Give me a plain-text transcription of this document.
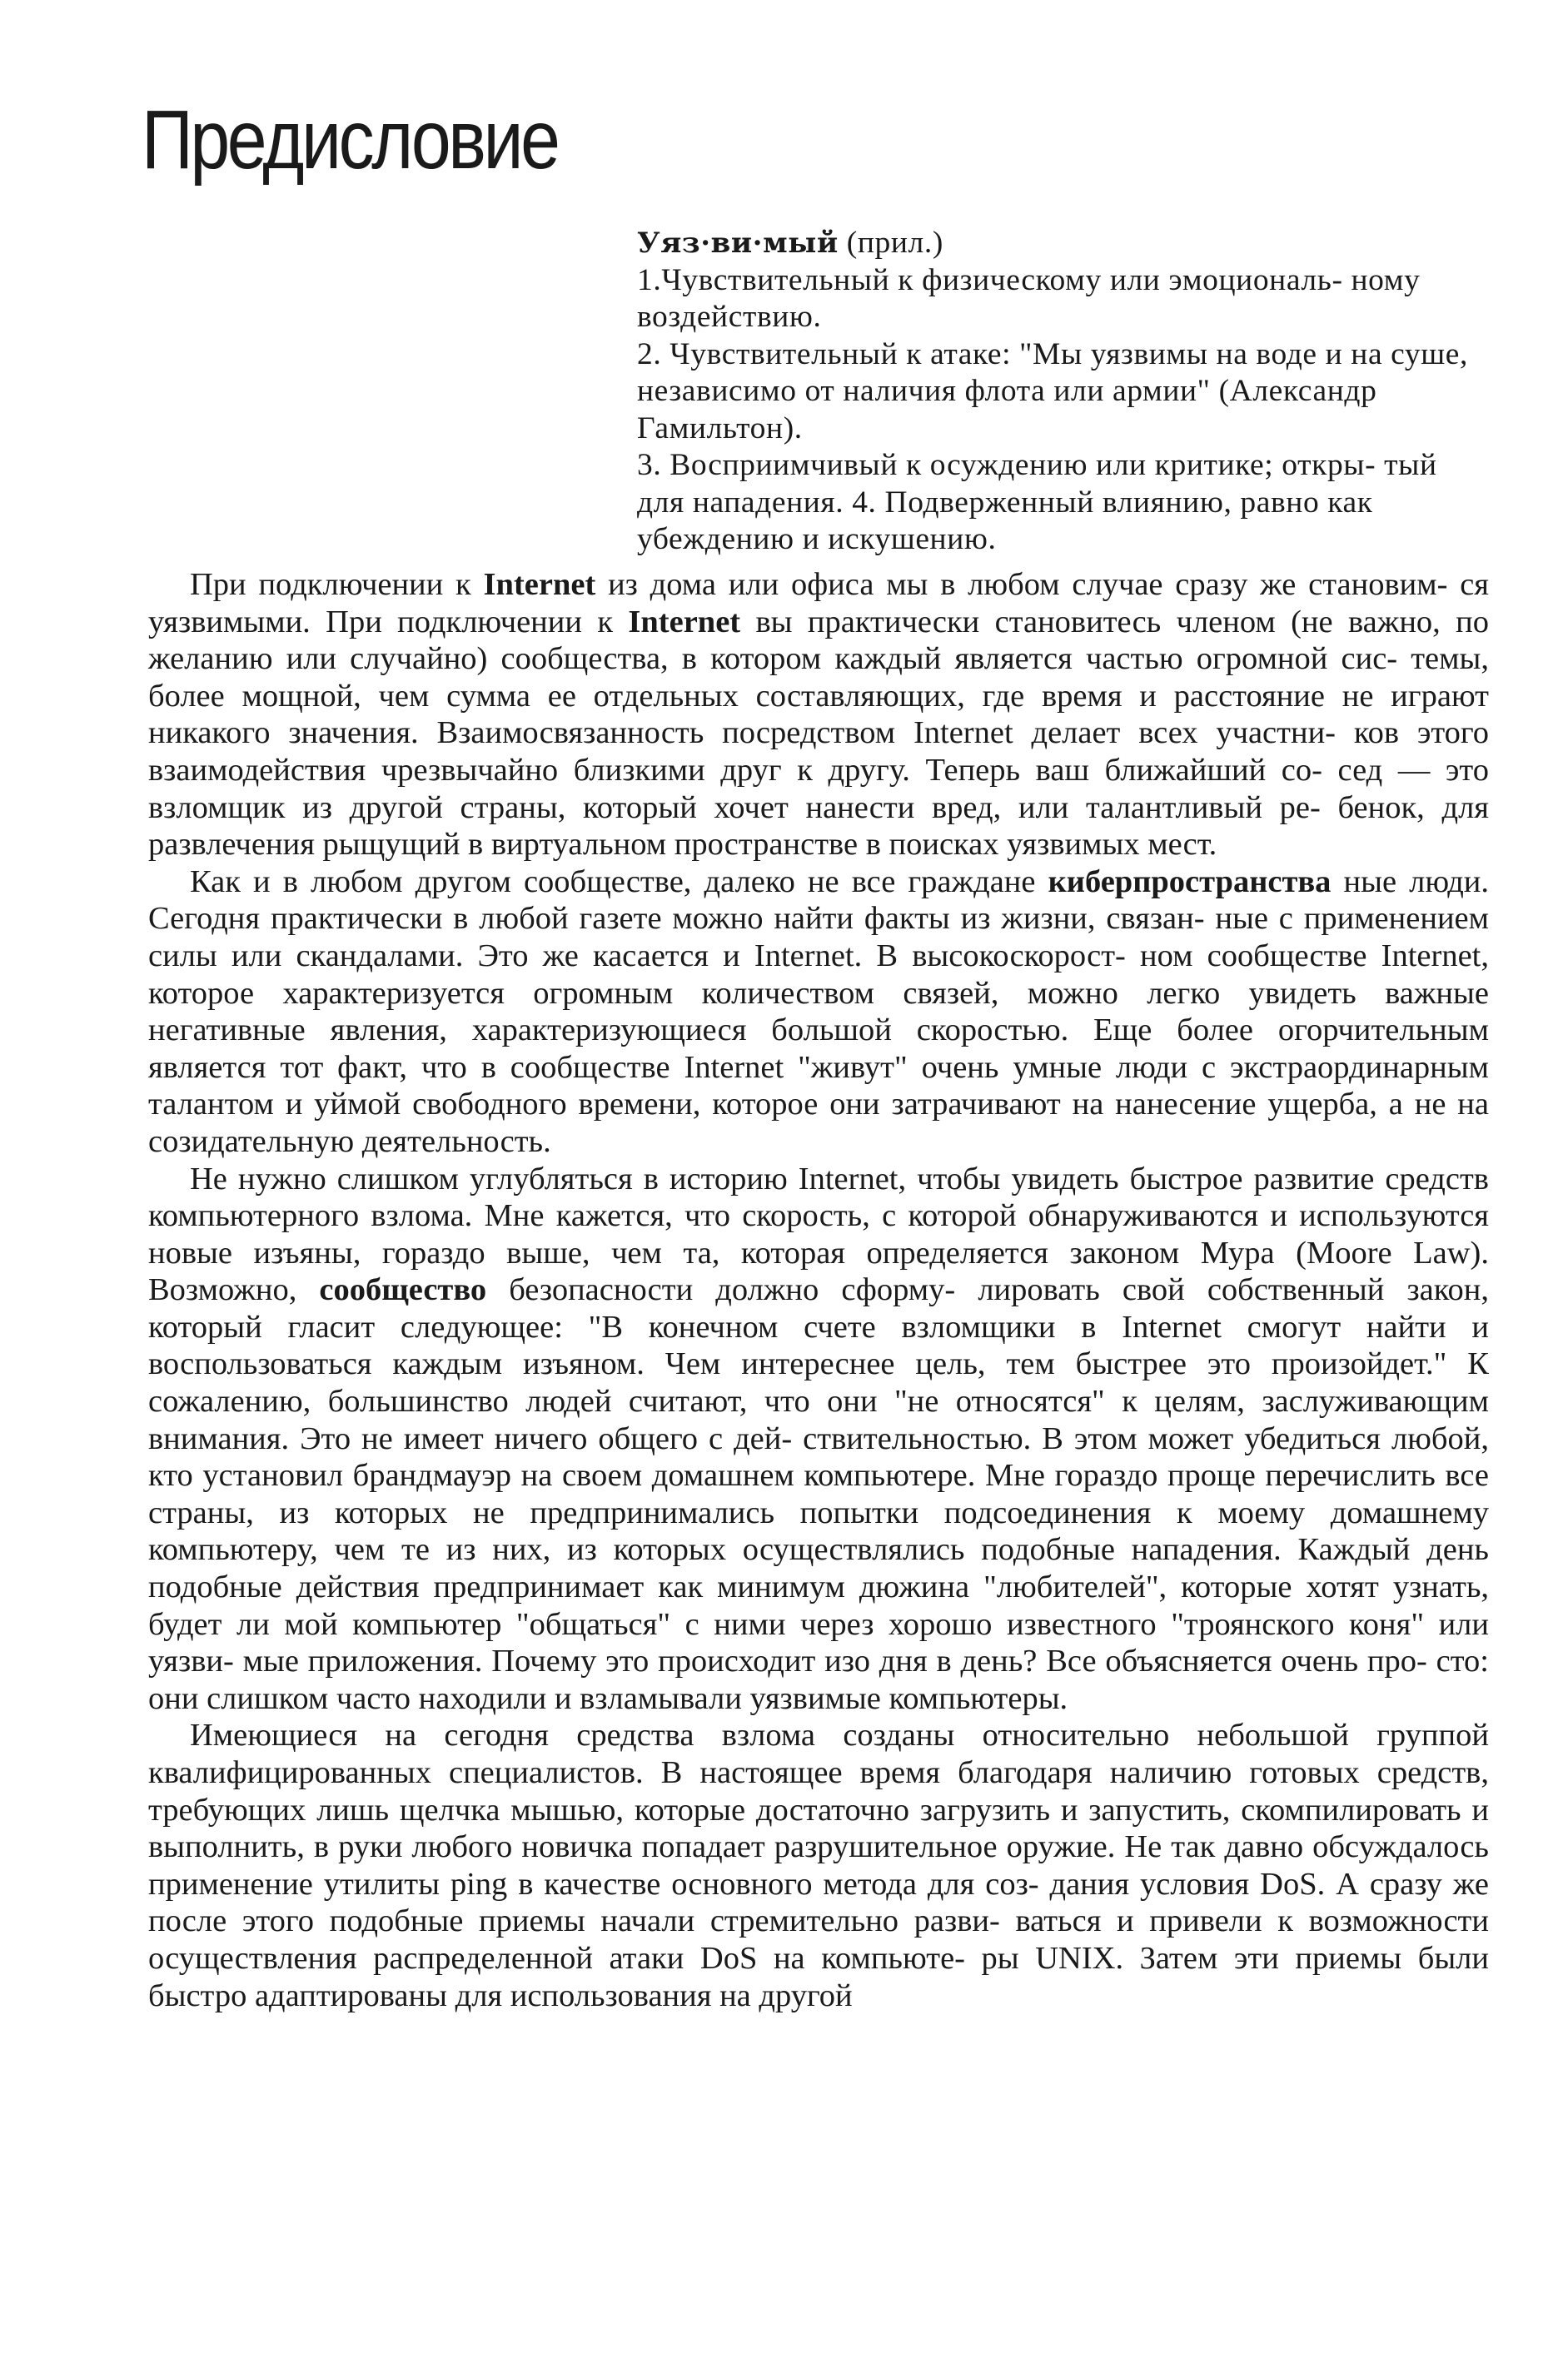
Предисловие

Уяз·ви·мый (прил.)

1.Чувствительный к физическому или эмоциональ- ному воздействию.

2. Чувствительный к атаке: "Мы уязвимы на воде и на суше, независимо от наличия флота или армии" (Александр Гамильтон).

3. Восприимчивый к осуждению или критике; откры- тый для нападения. 4. Подверженный влиянию, равно как убеждению и искушению.

При подключении к Internet из дома или офиса мы в любом случае сразу же становим- ся уязвимыми. При подключении к Internet вы практически становитесь членом (не важно, по желанию или случайно) сообщества, в котором каждый является частью огромной сис- темы, более мощной, чем сумма ее отдельных составляющих, где время и расстояние не играют никакого значения. Взаимосвязанность посредством Internet делает всех участни- ков этого взаимодействия чрезвычайно близкими друг к другу. Теперь ваш ближайший со- сед — это взломщик из другой страны, который хочет нанести вред, или талантливый ре- бенок, для развлечения рыщущий в виртуальном пространстве в поисках уязвимых мест.

Как и в любом другом сообществе, далеко не все граждане киберпространства ные люди. Сегодня практически в любой газете можно найти факты из жизни, связан- ные с применением силы или скандалами. Это же касается и Internet. В высокоскорост- ном сообществе Internet, которое характеризуется огромным количеством связей, можно легко увидеть важные негативные явления, характеризующиеся большой скоростью. Еще более огорчительным является тот факт, что в сообществе Internet "живут" очень умные люди с экстраординарным талантом и уймой свободного времени, которое они затрачивают на нанесение ущерба, а не на созидательную деятельность.

Не нужно слишком углубляться в историю Internet, чтобы увидеть быстрое развитие средств компьютерного взлома. Мне кажется, что скорость, с которой обнаруживаются и используются новые изъяны, гораздо выше, чем та, которая определяется законом Мура (Moore Law). Возможно, сообщество безопасности должно сформу- лировать свой собственный закон, который гласит следующее: "В конечном счете взломщики в Internet смогут найти и воспользоваться каждым изъяном. Чем интереснее цель, тем быстрее это произойдет." К сожалению, большинство людей считают, что они "не относятся" к целям, заслуживающим внимания. Это не имеет ничего общего с дей- ствительностью. В этом может убедиться любой, кто установил брандмауэр на своем домашнем компьютере. Мне гораздо проще перечислить все страны, из которых не предпринимались попытки подсоединения к моему домашнему компьютеру, чем те из них, из которых осуществлялись подобные нападения. Каждый день подобные действия предпринимает как минимум дюжина "любителей", которые хотят узнать, будет ли мой компьютер "общаться" с ними через хорошо известного "троянского коня" или уязви- мые приложения. Почему это происходит изо дня в день? Все объясняется очень про- сто: они слишком часто находили и взламывали уязвимые компьютеры.

Имеющиеся на сегодня средства взлома созданы относительно небольшой группой квалифицированных специалистов. В настоящее время благодаря наличию готовых средств, требующих лишь щелчка мышью, которые достаточно загрузить и запустить, скомпилировать и выполнить, в руки любого новичка попадает разрушительное оружие. Не так давно обсуждалось применение утилиты ping в качестве основного метода для соз- дания условия DoS. А сразу же после этого подобные приемы начали стремительно разви- ваться и привели к возможности осуществления распределенной атаки DoS на компьюте- ры UNIX. Затем эти приемы были быстро адаптированы для использования на другой
